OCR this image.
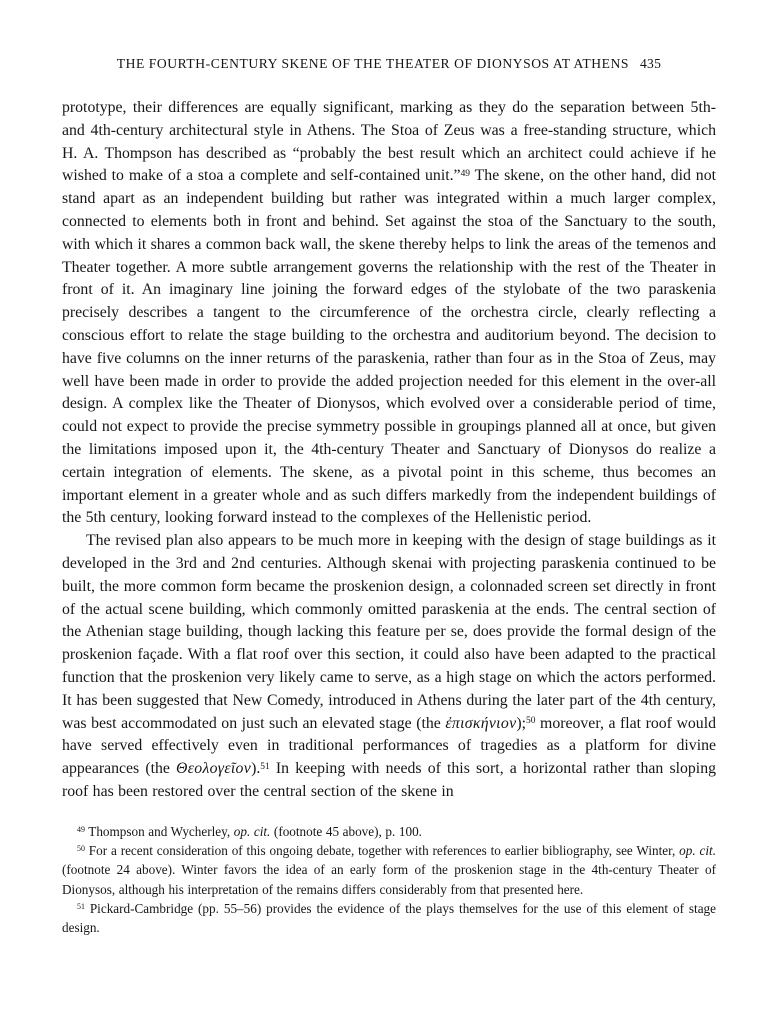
THE FOURTH-CENTURY SKENE OF THE THEATER OF DIONYSOS AT ATHENS 435

prototype, their differences are equally significant, marking as they do the separation between 5th- and 4th-century architectural style in Athens. The Stoa of Zeus was a free-standing structure, which H. A. Thompson has described as “probably the best result which an architect could achieve if he wished to make of a stoa a complete and self-contained unit.”$^{49}$ The skene, on the other hand, did not stand apart as an independent building but rather was integrated within a much larger complex, connected to elements both in front and behind. Set against the stoa of the Sanctuary to the south, with which it shares a common back wall, the skene thereby helps to link the areas of the temenos and Theater together. A more subtle arrangement governs the relationship with the rest of the Theater in front of it. An imaginary line joining the forward edges of the stylobate of the two paraskenia precisely describes a tangent to the circumference of the orchestra circle, clearly reflecting a conscious effort to relate the stage building to the orchestra and auditorium beyond. The decision to have five columns on the inner returns of the paraskenia, rather than four as in the Stoa of Zeus, may well have been made in order to provide the added projection needed for this element in the over-all design. A complex like the Theater of Dionysos, which evolved over a considerable period of time, could not expect to provide the precise symmetry possible in groupings planned all at once, but given the limitations imposed upon it, the 4th-century Theater and Sanctuary of Dionysos do realize a certain integration of elements. The skene, as a pivotal point in this scheme, thus becomes an important element in a greater whole and as such differs markedly from the independent buildings of the 5th century, looking forward instead to the complexes of the Hellenistic period.

The revised plan also appears to be much more in keeping with the design of stage buildings as it developed in the 3rd and 2nd centuries. Although skenai with projecting paraskenia continued to be built, the more common form became the proskenion design, a colonnaded screen set directly in front of the actual scene building, which commonly omitted paraskenia at the ends. The central section of the Athenian stage building, though lacking this feature per se, does provide the formal design of the proskenion façade. With a flat roof over this section, it could also have been adapted to the practical function that the proskenion very likely came to serve, as a high stage on which the actors performed. It has been suggested that New Comedy, introduced in Athens during the later part of the 4th century, was best accommodated on just such an elevated stage (the ἐπισκήνιον);$^{50}$ moreover, a flat roof would have served effectively even in traditional performances of tragedies as a platform for divine appearances (the Θεολογεῖον).$^{51}$ In keeping with needs of this sort, a horizontal rather than sloping roof has been restored over the central section of the skene in

$^{49}$ Thompson and Wycherley, op. cit. (footnote 45 above), p. 100.

$^{50}$ For a recent consideration of this ongoing debate, together with references to earlier bibliography, see Winter, op. cit. (footnote 24 above). Winter favors the idea of an early form of the proskenion stage in the 4th-century Theater of Dionysos, although his interpretation of the remains differs considerably from that presented here.

$^{51}$ Pickard-Cambridge (pp. 55–56) provides the evidence of the plays themselves for the use of this element of stage design.
